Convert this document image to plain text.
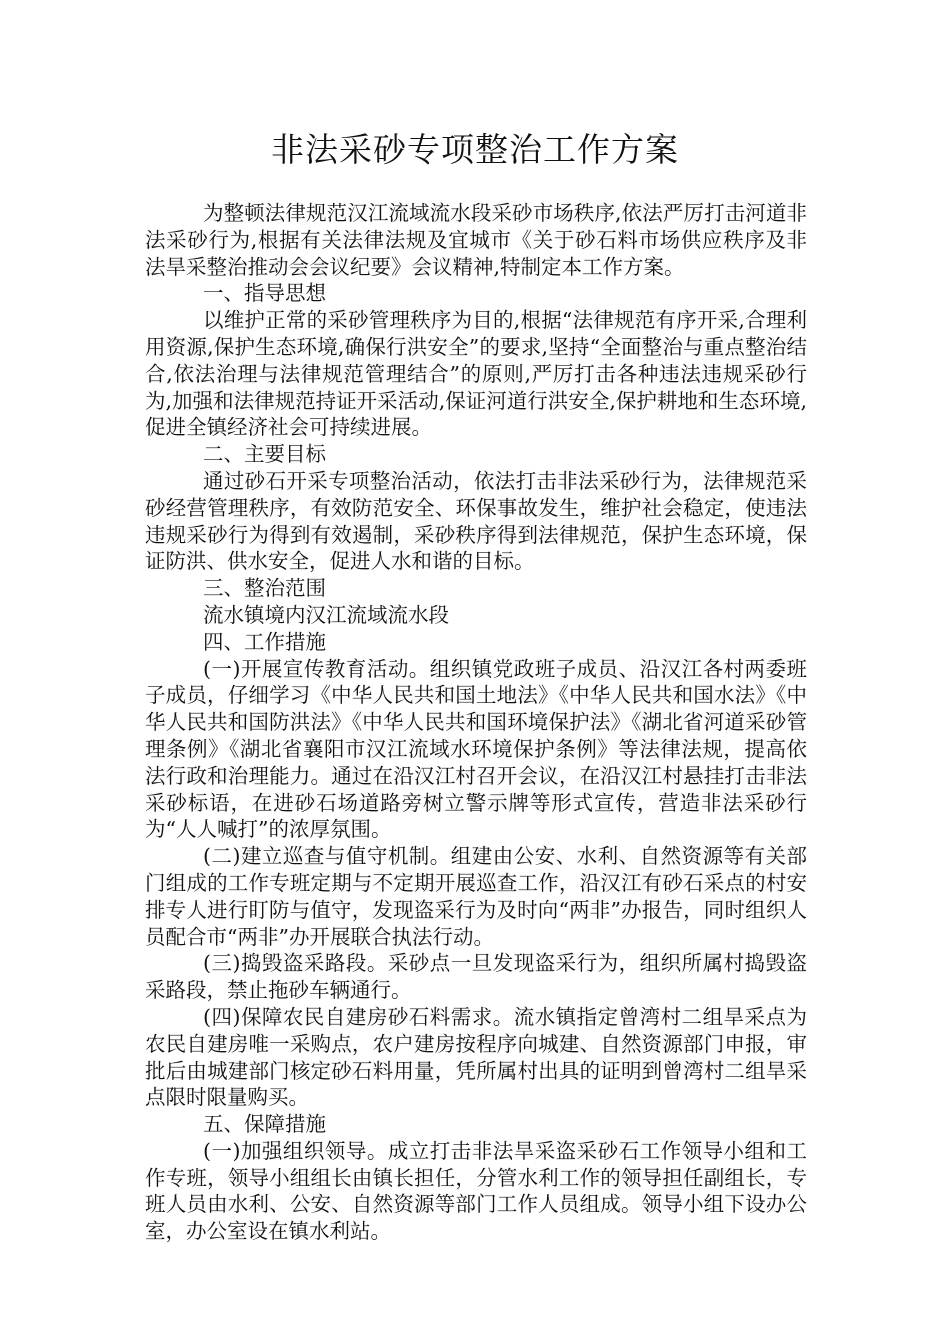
非法采砂专项整治工作方案

为整顿法律规范汉江流域流水段采砂市场秩序,依法严厉打击河道非法采砂行为,根据有关法律法规及宜城市《关于砂石料市场供应秩序及非法旱采整治推动会会议纪要》会议精神,特制定本工作方案。

一、指导思想

以维护正常的采砂管理秩序为目的,根据“法律规范有序开采,合理利用资源,保护生态环境,确保行洪安全”的要求,坚持“全面整治与重点整治结合,依法治理与法律规范管理结合”的原则,严厉打击各种违法违规采砂行为,加强和法律规范持证开采活动,保证河道行洪安全,保护耕地和生态环境,促进全镇经济社会可持续进展。

二、主要目标

通过砂石开采专项整治活动，依法打击非法采砂行为，法律规范采砂经营管理秩序，有效防范安全、环保事故发生，维护社会稳定，使违法违规采砂行为得到有效遏制，采砂秩序得到法律规范，保护生态环境，保证防洪、供水安全，促进人水和谐的目标。

三、整治范围

流水镇境内汉江流域流水段

四、工作措施

(一)开展宣传教育活动。组织镇党政班子成员、沿汉江各村两委班子成员，仔细学习《中华人民共和国土地法》《中华人民共和国水法》《中华人民共和国防洪法》《中华人民共和国环境保护法》《湖北省河道采砂管理条例》《湖北省襄阳市汉江流域水环境保护条例》等法律法规，提高依法行政和治理能力。通过在沿汉江村召开会议，在沿汉江村悬挂打击非法采砂标语，在进砂石场道路旁树立警示牌等形式宣传，营造非法采砂行为“人人喊打”的浓厚氛围。

(二)建立巡查与值守机制。组建由公安、水利、自然资源等有关部门组成的工作专班定期与不定期开展巡查工作，沿汉江有砂石采点的村安排专人进行盯防与值守，发现盗采行为及时向“两非”办报告，同时组织人员配合市“两非”办开展联合执法行动。

(三)捣毁盗采路段。采砂点一旦发现盗采行为，组织所属村捣毁盗采路段，禁止拖砂车辆通行。

(四)保障农民自建房砂石料需求。流水镇指定曾湾村二组旱采点为农民自建房唯一采购点，农户建房按程序向城建、自然资源部门申报，审批后由城建部门核定砂石料用量，凭所属村出具的证明到曾湾村二组旱采点限时限量购买。

五、保障措施

(一)加强组织领导。成立打击非法旱采盗采砂石工作领导小组和工作专班，领导小组组长由镇长担任，分管水利工作的领导担任副组长，专班人员由水利、公安、自然资源等部门工作人员组成。领导小组下设办公室，办公室设在镇水利站。
